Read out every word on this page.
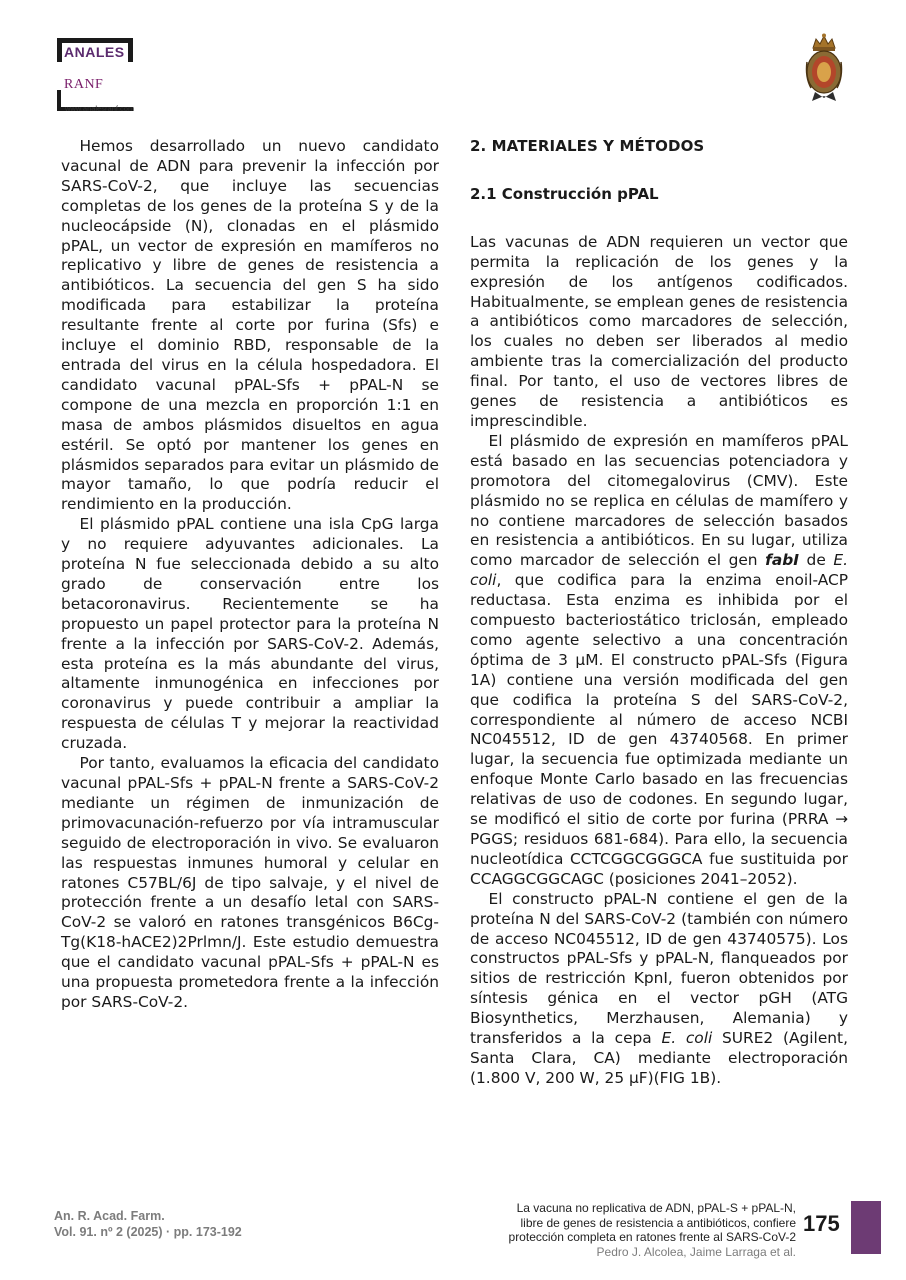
ANALES
RANF
www.analesranf.com

Hemos desarrollado un nuevo candidato vacunal de ADN para prevenir la infección por SARS-CoV-2, que incluye las secuencias completas de los genes de la proteína S y de la nucleocápside (N), clonadas en el plásmido pPAL, un vector de expresión en mamíferos no replicativo y libre de genes de resistencia a antibióticos. La secuencia del gen S ha sido modificada para estabilizar la proteína resultante frente al corte por furina (Sfs) e incluye el dominio RBD, responsable de la entrada del virus en la célula hospedadora. El candidato vacunal pPAL-Sfs + pPAL-N se compone de una mezcla en proporción 1:1 en masa de ambos plásmidos disueltos en agua estéril. Se optó por mantener los genes en plásmidos separados para evitar un plásmido de mayor tamaño, lo que podría reducir el rendimiento en la producción.

El plásmido pPAL contiene una isla CpG larga y no requiere adyuvantes adicionales. La proteína N fue seleccionada debido a su alto grado de conservación entre los betacoronavirus. Recientemente se ha propuesto un papel protector para la proteína N frente a la infección por SARS-CoV-2. Además, esta proteína es la más abundante del virus, altamente inmunogénica en infecciones por coronavirus y puede contribuir a ampliar la respuesta de células T y mejorar la reactividad cruzada.

Por tanto, evaluamos la eficacia del candidato vacunal pPAL-Sfs + pPAL-N frente a SARS-CoV-2 mediante un régimen de inmunización de primovacunación-refuerzo por vía intramuscular seguido de electroporación in vivo. Se evaluaron las respuestas inmunes humoral y celular en ratones C57BL/6J de tipo salvaje, y el nivel de protección frente a un desafío letal con SARS-CoV-2 se valoró en ratones transgénicos B6Cg-Tg(K18-hACE2)2Prlmn/J. Este estudio demuestra que el candidato vacunal pPAL-Sfs + pPAL-N es una propuesta prometedora frente a la infección por SARS-CoV-2.

2. MATERIALES Y MÉTODOS
2.1 Construcción pPAL

Las vacunas de ADN requieren un vector que permita la replicación de los genes y la expresión de los antígenos codificados. Habitualmente, se emplean genes de resistencia a antibióticos como marcadores de selección, los cuales no deben ser liberados al medio ambiente tras la comercialización del producto final. Por tanto, el uso de vectores libres de genes de resistencia a antibióticos es imprescindible.

El plásmido de expresión en mamíferos pPAL está basado en las secuencias potenciadora y promotora del citomegalovirus (CMV). Este plásmido no se replica en células de mamífero y no contiene marcadores de selección basados en resistencia a antibióticos. En su lugar, utiliza como marcador de selección el gen fabI de E. coli, que codifica para la enzima enoil-ACP reductasa. Esta enzima es inhibida por el compuesto bacteriostático triclosán, empleado como agente selectivo a una concentración óptima de 3 µM. El constructo pPAL-Sfs (Figura 1A) contiene una versión modificada del gen que codifica la proteína S del SARS-CoV-2, correspondiente al número de acceso NCBI NC045512, ID de gen 43740568. En primer lugar, la secuencia fue optimizada mediante un enfoque Monte Carlo basado en las frecuencias relativas de uso de codones. En segundo lugar, se modificó el sitio de corte por furina (PRRA → PGGS; residuos 681-684). Para ello, la secuencia nucleotídica CCTCGGCGGGCA fue sustituida por CCAGGCGGCAGC (posiciones 2041–2052).

El constructo pPAL-N contiene el gen de la proteína N del SARS-CoV-2 (también con número de acceso NC045512, ID de gen 43740575). Los constructos pPAL-Sfs y pPAL-N, flanqueados por sitios de restricción KpnI, fueron obtenidos por síntesis génica en el vector pGH (ATG Biosynthetics, Merzhausen, Alemania) y transferidos a la cepa E. coli SURE2 (Agilent, Santa Clara, CA) mediante electroporación (1.800 V, 200 W, 25 µF)(FIG 1B).

An. R. Acad. Farm.
Vol. 91. nº 2 (2025) · pp. 173-192
La vacuna no replicativa de ADN, pPAL-S + pPAL-N,
libre de genes de resistencia a antibióticos, confiere
protección completa en ratones frente al SARS-CoV-2
Pedro J. Alcolea, Jaime Larraga et al.
175
